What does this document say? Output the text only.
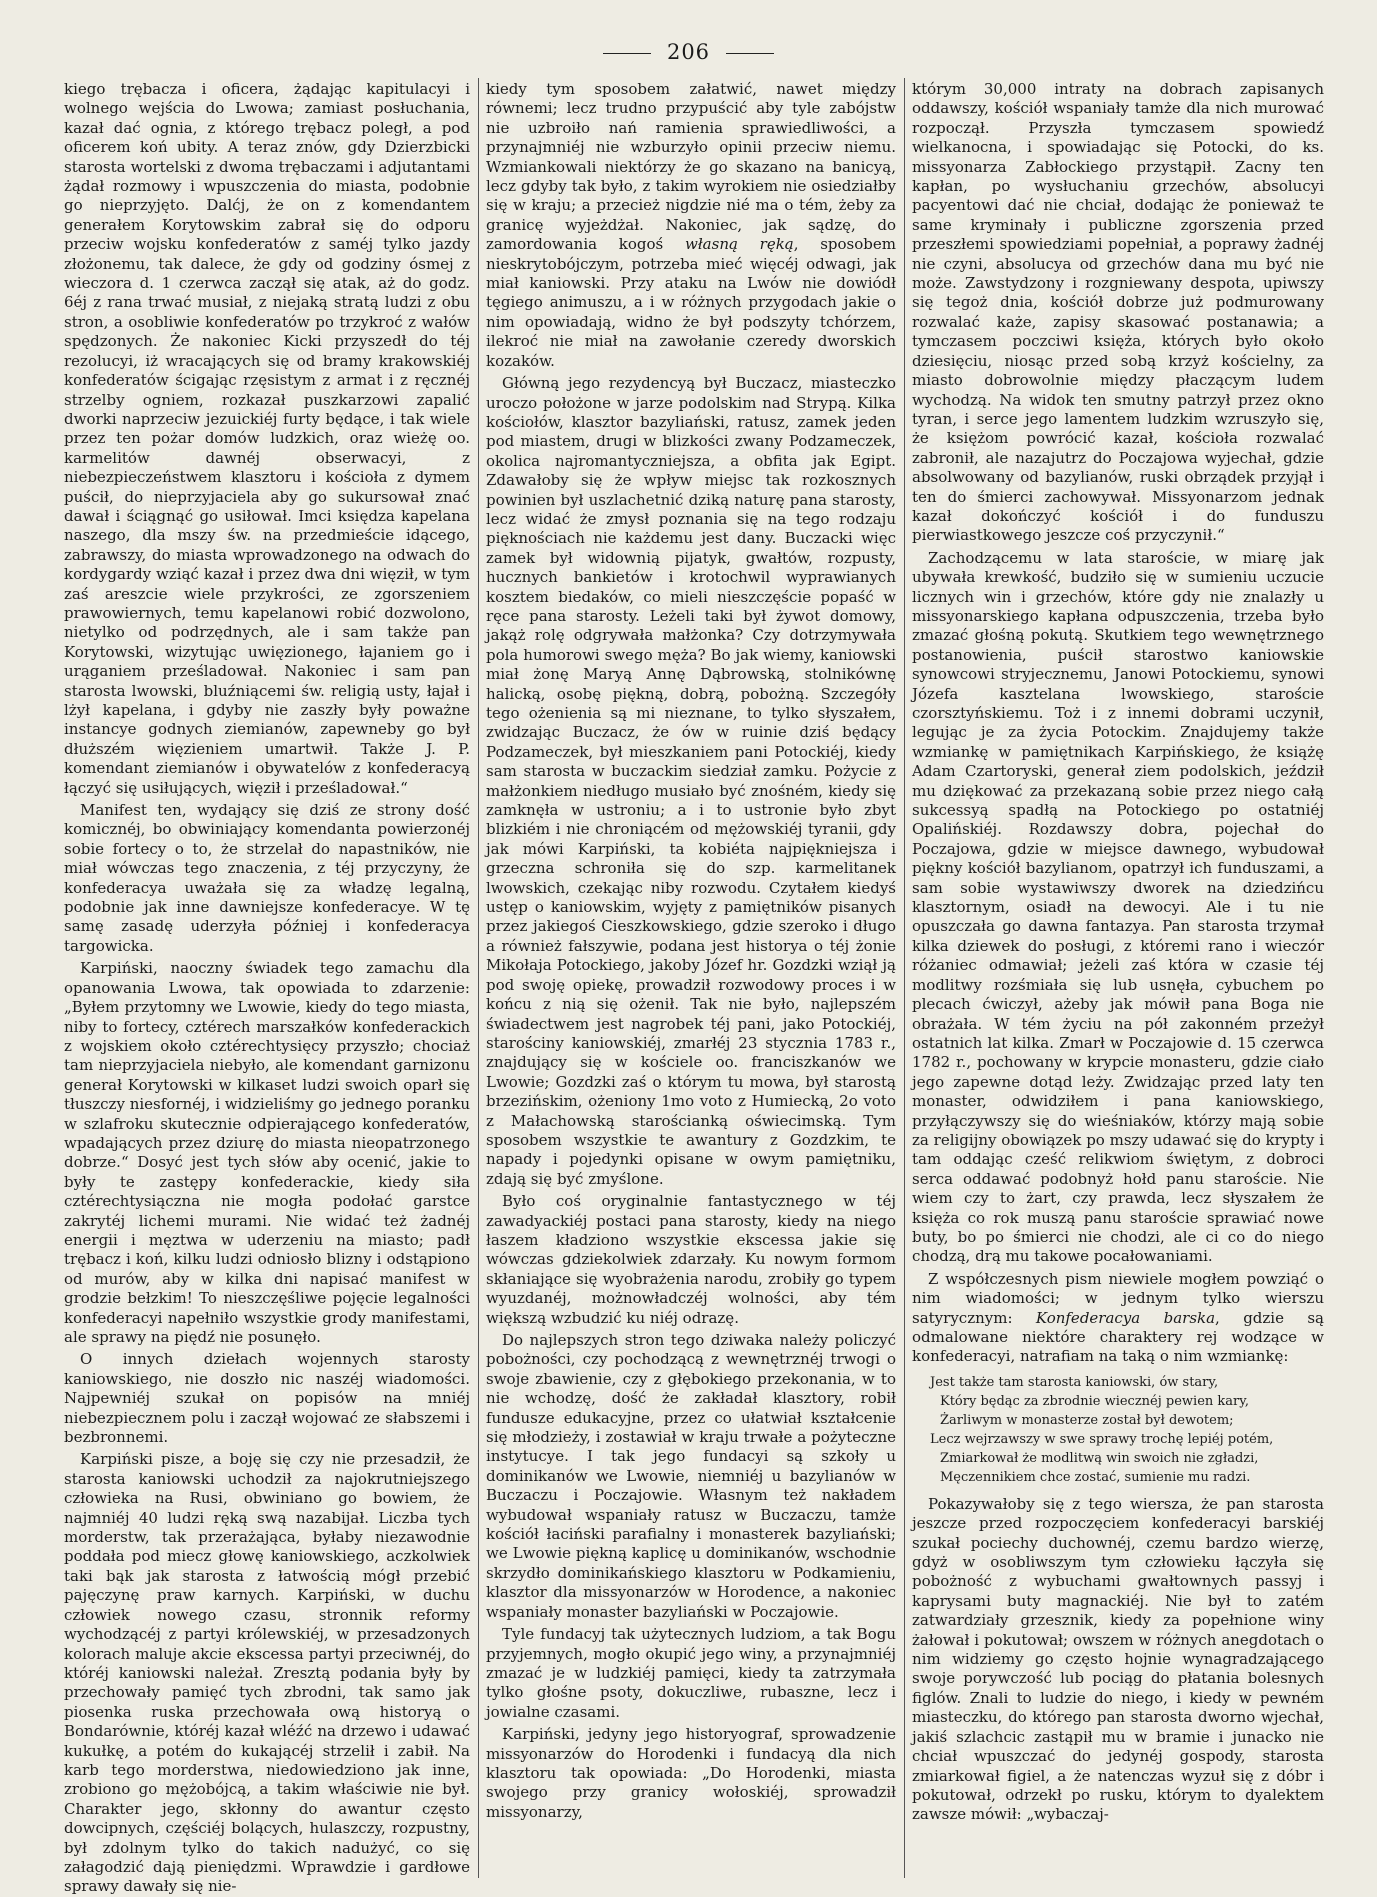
206

kiego trębacza i oficera, żądając kapitulacyi i wolnego wejścia do Lwowa; zamiast posłuchania, kazał dać ognia, z którego trębacz poległ, a pod oficerem koń ubity. A teraz znów, gdy Dzierzbicki starosta wortelski z dwoma trębaczami i adjutantami żądał rozmowy i wpuszczenia do miasta, podobnie go nieprzyjęto. Dalćj, że on z komendantem generałem Korytowskim zabrał się do odporu przeciw wojsku konfederatów z saméj tylko jazdy złożonemu, tak dalece, że gdy od godziny ósmej z wieczora d. 1 czerwca zaczął się atak, aż do godz. 6éj z rana trwać musiał, z niejaką stratą ludzi z obu stron, a osobliwie konfederatów po trzykroć z wałów spędzonych. Że nakoniec Kicki przyszedł do téj rezolucyi, iż wracających się od bramy krakowskiéj konfederatów ścigając rzęsistym z armat i z ręcznéj strzelby ogniem, rozkazał puszkarzowi zapalić dworki naprzeciw jezuickiéj furty będące, i tak wiele przez ten pożar domów ludzkich, oraz wieżę oo. karmelitów dawnéj obserwacyi, z niebezpieczeństwem klasztoru i kościoła z dymem puścił, do nieprzyjaciela aby go sukursował znać dawał i ściągnąć go usiłował. Imci księdza kapelana naszego, dla mszy św. na przedmieście idącego, zabrawszy, do miasta wprowadzonego na odwach do kordygardy wziąć kazał i przez dwa dni więził, w tym zaś areszcie wiele przykrości, ze zgorszeniem prawowiernych, temu kapelanowi robić dozwolono, nietylko od podrzędnych, ale i sam także pan Korytowski, wizytując uwięzionego, łajaniem go i urąganiem prześladował. Nakoniec i sam pan starosta lwowski, bluźniącemi św. religią usty, łajał i lżył kapelana, i gdyby nie zaszły były poważne instancye godnych ziemianów, zapewneby go był dłuższém więzieniem umartwił. Także J. P. komendant ziemianów i obywatelów z konfederacyą łączyć się usiłujących, więził i prześladował.“

Manifest ten, wydający się dziś ze strony dość komicznéj, bo obwiniający komendanta powierzonéj sobie fortecy o to, że strzelał do napastników, nie miał wówczas tego znaczenia, z téj przyczyny, że konfederacya uważała się za władzę legalną, podobnie jak inne dawniejsze konfederacye. W tę samę zasadę uderzyła później i konfederacya targowicka.

Karpiński, naoczny świadek tego zamachu dla opanowania Lwowa, tak opowiada to zdarzenie: „Byłem przytomny we Lwowie, kiedy do tego miasta, niby to fortecy, cztérech marszałków konfederackich z wojskiem około cztérechtysięcy przyszło; chociaż tam nieprzyjaciela niebyło, ale komendant garnizonu generał Korytowski w kilkaset ludzi swoich oparł się tłuszczy niesfornéj, i widzieliśmy go jednego poranku w szlafroku skutecznie odpierającego konfederatów, wpadających przez dziurę do miasta nieopatrzonego dobrze.“ Dosyć jest tych słów aby ocenić, jakie to były te zastępy konfederackie, kiedy siła cztérechtysiączna nie mogła podołać garstce zakrytéj lichemi murami. Nie widać też żadnéj energii i męztwa w uderzeniu na miasto; padł trębacz i koń, kilku ludzi odniosło blizny i odstąpiono od murów, aby w kilka dni napisać manifest w grodzie bełzkim! To nieszczęśliwe pojęcie legalności konfederacyi napełniło wszystkie grody manifestami, ale sprawy na piędź nie posunęło.

O innych dziełach wojennych starosty kaniowskiego, nie doszło nic naszéj wiadomości. Najpewniéj szukał on popisów na mniéj niebezpiecznem polu i zaczął wojować ze słabszemi i bezbronnemi.

Karpiński pisze, a boję się czy nie przesadził, że starosta kaniowski uchodził za najokrutniejszego człowieka na Rusi, obwiniano go bowiem, że najmniéj 40 ludzi ręką swą nazabijał. Liczba tych morderstw, tak przerażająca, byłaby niezawodnie poddała pod miecz głowę kaniowskiego, aczkolwiek taki bąk jak starosta z łatwością mógł przebić pajęczynę praw karnych. Karpiński, w duchu człowiek nowego czasu, stronnik reformy wychodzącéj z partyi królewskiéj, w przesadzonych kolorach maluje akcie ekscessa partyi przeciwnéj, do któréj kaniowski należał. Zresztą podania były by przechowały pamięć tych zbrodni, tak samo jak piosenka ruska przechowała ową historyą o Bondarównie, któréj kazał wléźć na drzewo i udawać kukułkę, a potém do kukającéj strzelił i zabił. Na karb tego morderstwa, niedowiedziono jak inne, zrobiono go mężobójcą, a takim właściwie nie był. Charakter jego, skłonny do awantur często dowcipnych, częściéj bolących, hulaszczy, rozpustny, był zdolnym tylko do takich nadużyć, co się załagodzić dają pieniędzmi. Wprawdzie i gardłowe sprawy dawały się nie-

kiedy tym sposobem załatwić, nawet między równemi; lecz trudno przypuścić aby tyle zabójstw nie uzbroiło nań ramienia sprawiedliwości, a przynajmniéj nie wzburzyło opinii przeciw niemu. Wzmiankowali niektórzy że go skazano na banicyą, lecz gdyby tak było, z takim wyrokiem nie osiedziałby się w kraju; a przecież nigdzie nié ma o tém, żeby za granicę wyjeżdżał. Nakoniec, jak sądzę, do zamordowania kogoś własną ręką, sposobem nieskrytobójczym, potrzeba mieć więcéj odwagi, jak miał kaniowski. Przy ataku na Lwów nie dowiódł tęgiego animuszu, a i w różnych przygodach jakie o nim opowiadają, widno że był podszyty tchórzem, ilekroć nie miał na zawołanie czeredy dworskich kozaków.

Główną jego rezydencyą był Buczacz, miasteczko uroczo położone w jarze podolskim nad Strypą. Kilka kościołów, klasztor bazyliański, ratusz, zamek jeden pod miastem, drugi w blizkości zwany Podzameczek, okolica najromantyczniejsza, a obfita jak Egipt. Zdawałoby się że wpływ miejsc tak rozkosznych powinien był uszlachetnić dziką naturę pana starosty, lecz widać że zmysł poznania się na tego rodzaju pięknościach nie każdemu jest dany. Buczacki więc zamek był widownią pijatyk, gwałtów, rozpusty, hucznych bankietów i krotochwil wyprawianych kosztem biedaków, co mieli nieszczęście popaść w ręce pana starosty. Leżeli taki był żywot domowy, jakąż rolę odgrywała małżonka? Czy dotrzymywała pola humorowi swego męża? Bo jak wiemy, kaniowski miał żonę Maryą Annę Dąbrowską, stolnikównę halicką, osobę piękną, dobrą, pobożną. Szczegóły tego ożenienia są mi nieznane, to tylko słyszałem, zwidzając Buczacz, że ów w ruinie dziś będący Podzameczek, był mieszkaniem pani Potockiéj, kiedy sam starosta w buczackim siedział zamku. Pożycie z małżonkiem niedługo musiało być znośném, kiedy się zamknęła w ustroniu; a i to ustronie było zbyt blizkiém i nie chroniącém od mężowskiéj tyranii, gdy jak mówi Karpiński, ta kobiéta najpiękniejsza i grzeczna schroniła się do szp. karmelitanek lwowskich, czekając niby rozwodu. Czytałem kiedyś ustęp o kaniowskim, wyjęty z pamiętników pisanych przez jakiegoś Cieszkowskiego, gdzie szeroko i długo a również fałszywie, podana jest historya o téj żonie Mikołaja Potockiego, jakoby Józef hr. Gozdzki wziął ją pod swoję opiekę, prowadził rozwodowy proces i w końcu z nią się ożenił. Tak nie było, najlepszém świadectwem jest nagrobek téj pani, jako Potockiéj, starościny kaniowskiéj, zmarłéj 23 stycznia 1783 r., znajdujący się w kościele oo. franciszkanów we Lwowie; Gozdzki zaś o którym tu mowa, był starostą brzezińskim, ożeniony 1mo voto z Humiecką, 2o voto z Małachowską starościanką oświecimską. Tym sposobem wszystkie te awantury z Gozdzkim, te napady i pojedynki opisane w owym pamiętniku, zdają się być zmyślone.

Było coś oryginalnie fantastycznego w téj zawadyackiéj postaci pana starosty, kiedy na niego łaszem kładziono wszystkie ekscessa jakie się wówczas gdziekolwiek zdarzały. Ku nowym formom skłaniające się wyobrażenia narodu, zrobiły go typem wyuzdanéj, możnowładczéj wolności, aby tém większą wzbudzić ku niéj odrazę.

Do najlepszych stron tego dziwaka należy policzyć pobożności, czy pochodzącą z wewnętrznéj trwogi o swoje zbawienie, czy z głębokiego przekonania, w to nie wchodzę, dość że zakładał klasztory, robił fundusze edukacyjne, przez co ułatwiał kształcenie się młodzieży, i zostawiał w kraju trwałe a pożyteczne instytucye. I tak jego fundacyi są szkoły u dominikanów we Lwowie, niemniéj u bazylianów w Buczaczu i Poczajowie. Własnym też nakładem wybudował wspaniały ratusz w Buczaczu, tamże kościół łaciński parafialny i monasterek bazyliański; we Lwowie piękną kaplicę u dominikanów, wschodnie skrzydło dominikańskiego klasztoru w Podkamieniu, klasztor dla missyonarzów w Horodence, a nakoniec wspaniały monaster bazyliański w Poczajowie.

Tyle fundacyj tak użytecznych ludziom, a tak Bogu przyjemnych, mogło okupić jego winy, a przynajmniéj zmazać je w ludzkiéj pamięci, kiedy ta zatrzymała tylko głośne psoty, dokuczliwe, rubaszne, lecz i jowialne czasami.

Karpiński, jedyny jego historyograf, sprowadzenie missyonarzów do Horodenki i fundacyą dla nich klasztoru tak opowiada: „Do Horodenki, miasta swojego przy granicy wołoskiéj, sprowadził missyonarzy,

którym 30,000 intraty na dobrach zapisanych oddawszy, kościół wspaniały tamże dla nich murować rozpoczął. Przyszła tymczasem spowiedź wielkanocna, i spowiadając się Potocki, do ks. missyonarza Zabłockiego przystąpił. Zacny ten kapłan, po wysłuchaniu grzechów, absolucyi pacyentowi dać nie chciał, dodając że ponieważ te same kryminały i publiczne zgorszenia przed przeszłemi spowiedziami popełniał, a poprawy żadnéj nie czyni, absolucya od grzechów dana mu być nie może. Zawstydzony i rozgniewany despotа, upiwszy się tegoż dnia, kościół dobrze już podmurowany rozwalać każe, zapisy skasować postanawia; a tymczasem poczciwi księża, których było około dziesięciu, niosąc przed sobą krzyż kościelny, za miasto dobrowolnie między płaczącym ludem wychodzą. Na widok ten smutny patrzył przez okno tyran, i serce jego lamentem ludzkim wzruszyło się, że księżom powrócić kazał, kościoła rozwalać zabronił, ale nazajutrz do Poczajowa wyjechał, gdzie absolwowany od bazylianów, ruski obrządek przyjął i ten do śmierci zachowywał. Missyonarzom jednak kazał dokończyć kościół i do funduszu pierwiastkowego jeszcze coś przyczynił.“

Zachodzącemu w lata staroście, w miarę jak ubywała krewkość, budziło się w sumieniu uczucie licznych win i grzechów, które gdy nie znalazły u missyonarskiego kapłana odpuszczenia, trzeba było zmazać głośną pokutą. Skutkiem tego wewnętrznego postanowienia, puścił starostwo kaniowskie synowcowi stryjecznemu, Janowi Potockiemu, synowi Józefa kasztelana lwowskiego, staroście czorsztyńskiemu. Toż i z innemi dobrami uczynił, legując je za życia Potockim. Znajdujemy także wzmiankę w pamiętnikach Karpińskiego, że książę Adam Czartoryski, generał ziem podolskich, jeździł mu dziękować za przekazaną sobie przez niego całą sukcessyą spadłą na Potockiego po ostatniéj Opalińskiéj. Rozdawszy dobra, pojechał do Poczajowa, gdzie w miejsce dawnego, wybudował piękny kościół bazylianom, opatrzył ich funduszami, a sam sobie wystawiwszy dworek na dziedzińcu klasztornym, osiadł na dewocyi. Ale i tu nie opuszczała go dawna fantazya. Pan starosta trzymał kilka dziewek do posługi, z któremi rano i wieczór różaniec odmawiał; jeżeli zaś która w czasie téj modlitwy rozśmiała się lub usnęła, cybuchem po plecach ćwiczył, ażeby jak mówił pana Boga nie obrażała. W tém życiu na pół zakonném przeżył ostatnich lat kilka. Zmarł w Poczajowie d. 15 czerwca 1782 r., pochowany w krypcie monasteru, gdzie ciało jego zapewne dotąd leży. Zwidzając przed laty ten monaster, odwidziłem i pana kaniowskiego, przyłączywszy się do wieśniaków, którzy mają sobie za religijny obowiązek po mszy udawać się do krypty i tam oddając cześć relikwiom świętym, z dobroci serca oddawać podobnyż hołd panu staroście. Nie wiem czy to żart, czy prawda, lecz słyszałem że księża co rok muszą panu staroście sprawiać nowe buty, bo po śmierci nie chodzi, ale ci co do niego chodzą, drą mu takowe pocałowaniami.

Z współczesnych pism niewiele mogłem powziąć o nim wiadomości; w jednym tylko wierszu satyrycznym: Konfederacya barska, gdzie są odmalowane niektóre charaktery rej wodzące w konfederacyi, natrafiam na taką o nim wzmiankę:

Jest także tam starosta kaniowski, ów stary,
Który będąc za zbrodnie wiecznéj pewien kary,
Żarliwym w monasterze został był dewotem;
Lecz wejrzawszy w swe sprawy trochę lepiéj potém,
Zmiarkował że modlitwą win swoich nie zgładzi,
Męczennikiem chce zostać, sumienie mu radzi.

Pokazywałoby się z tego wiersza, że pan starosta jeszcze przed rozpoczęciem konfederacyi barskiéj szukał pociechy duchownéj, czemu bardzo wierzę, gdyż w osobliwszym tym człowieku łączyła się pobożność z wybuchami gwałtownych passyj i kaprysami buty magnackiéj. Nie był to zatém zatwardziały grzesznik, kiedy za popełnione winy żałował i pokutował; owszem w różnych anegdotach o nim widziemy go często hojnie wynagradzającego swoje porywczość lub pociąg do płatania bolesnych figlów. Znali to ludzie do niego, i kiedy w pewném miasteczku, do którego pan starosta dworno wjechał, jakiś szlachcic zastąpił mu w bramie i junacko nie chciał wpuszczać do jedynéj gospody, starosta zmiarkował figiel, a że natenczas wyzuł się z dóbr i pokutował, odrzekł po rusku, którym to dyalektem zawsze mówił: „wybaczaj-
